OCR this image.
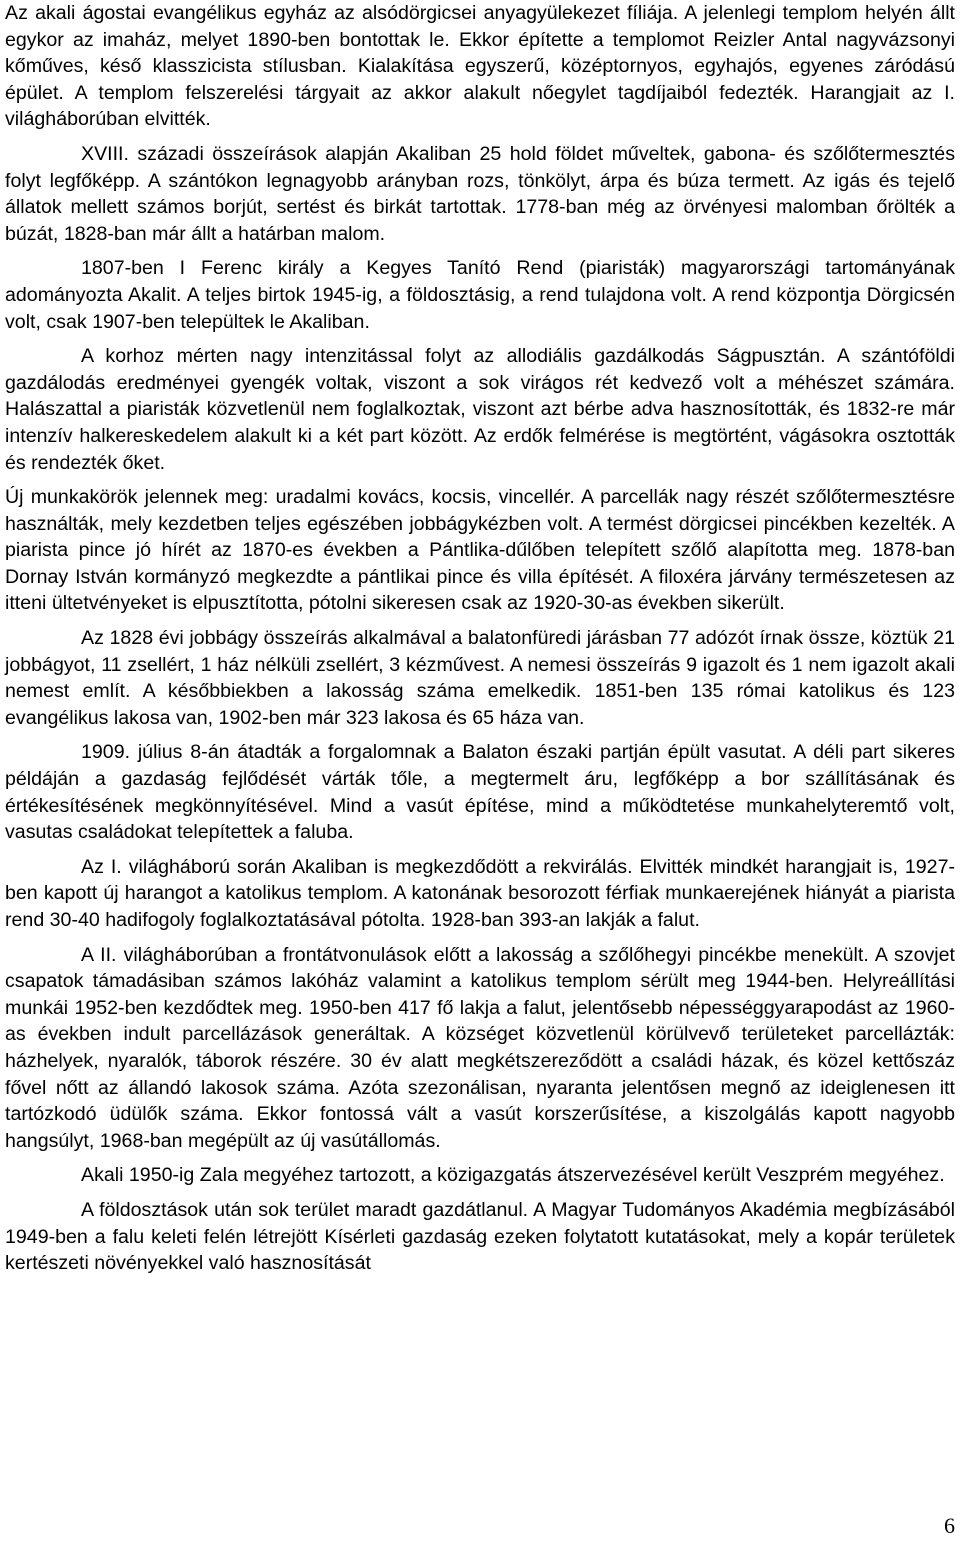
Az akali ágostai evangélikus egyház az alsódörgicsei anyagyülekezet fíliája. A jelenlegi templom helyén állt egykor az imaház, melyet 1890-ben bontottak le. Ekkor építette a templomot Reizler Antal nagyvázsonyi kőműves, késő klasszicista stílusban. Kialakítása egyszerű, középtornyos, egyhajós, egyenes záródású épület. A templom felszerelési tárgyait az akkor alakult nőegylet tagdíjaiból fedezték. Harangjait az I. világháborúban elvitték.

XVIII. századi összeírások alapján Akaliban 25 hold földet műveltek, gabona- és szőlőtermesztés folyt legfőképp. A szántókon legnagyobb arányban rozs, tönkölyt, árpa és búza termett. Az igás és tejelő állatok mellett számos borjút, sertést és birkát tartottak. 1778-ban még az örvényesi malomban őrölték a búzát, 1828-ban már állt a határban malom.

1807-ben I Ferenc király a Kegyes Tanító Rend (piaristák) magyarországi tartományának adományozta Akalit. A teljes birtok 1945-ig, a földosztásig, a rend tulajdona volt. A rend központja Dörgicsén volt, csak 1907-ben települtek le Akaliban.

A korhoz mérten nagy intenzitással folyt az allodiális gazdálkodás Ságpusztán. A szántóföldi gazdálodás eredményei gyengék voltak, viszont a sok virágos rét kedvező volt a méhészet számára. Halászattal a piaristák közvetlenül nem foglalkoztak, viszont azt bérbe adva hasznosították, és 1832-re már intenzív halkereskedelem alakult ki a két part között. Az erdők felmérése is megtörtént, vágásokra osztották és rendezték őket.

Új munkakörök jelennek meg: uradalmi kovács, kocsis, vincellér. A parcellák nagy részét szőlőtermesztésre használták, mely kezdetben teljes egészében jobbágykézben volt. A termést dörgicsei pincékben kezelték. A piarista pince jó hírét az 1870-es években a Pántlika-dűlőben telepített szőlő alapította meg. 1878-ban Dornay István kormányzó megkezdte a pántlikai pince és villa építését. A filoxéra járvány természetesen az itteni ültetvényeket is elpusztította, pótolni sikeresen csak az 1920-30-as években sikerült.

Az 1828 évi jobbágy összeírás alkalmával a balatonfüredi járásban 77 adózót írnak össze, köztük 21 jobbágyot, 11 zsellért, 1 ház nélküli zsellért, 3 kézművest. A nemesi összeírás 9 igazolt és 1 nem igazolt akali nemest említ. A későbbiekben a lakosság száma emelkedik. 1851-ben 135 római katolikus és 123 evangélikus lakosa van, 1902-ben már 323 lakosa és 65 háza van.

1909. július 8-án átadták a forgalomnak a Balaton északi partján épült vasutat. A déli part sikeres példáján a gazdaság fejlődését várták tőle, a megtermelt áru, legfőképp a bor szállításának és értékesítésének megkönnyítésével. Mind a vasút építése, mind a működtetése munkahelyteremtő volt, vasutas családokat telepítettek a faluba.

Az I. világháború során Akaliban is megkezdődött a rekvirálás. Elvitték mindkét harangjait is, 1927-ben kapott új harangot a katolikus templom. A katonának besorozott férfiak munkaerejének hiányát a piarista rend 30-40 hadifogoly foglalkoztatásával pótolta. 1928-ban 393-an lakják a falut.

A II. világháborúban a frontátvonulások előtt a lakosság a szőlőhegyi pincékbe menekült. A szovjet csapatok támadásiban számos lakóház valamint a katolikus templom sérült meg 1944-ben. Helyreállítási munkái 1952-ben kezdődtek meg. 1950-ben 417 fő lakja a falut, jelentősebb népességgyarapodást az 1960-as években indult parcellázások generáltak. A községet közvetlenül körülvevő területeket parcellázták: házhelyek, nyaralók, táborok részére. 30 év alatt megkétszereződött a családi házak, és közel kettőszáz fővel nőtt az állandó lakosok száma. Azóta szezonálisan, nyaranta jelentősen megnő az ideiglenesen itt tartózkodó üdülők száma. Ekkor fontossá vált a vasút korszerűsítése, a kiszolgálás kapott nagyobb hangsúlyt, 1968-ban megépült az új vasútállomás.

Akali 1950-ig Zala megyéhez tartozott, a közigazgatás átszervezésével került Veszprém megyéhez.

A földosztások után sok terület maradt gazdátlanul. A Magyar Tudományos Akadémia megbízásából 1949-ben a falu keleti felén létrejött Kísérleti gazdaság ezeken folytatott kutatásokat, mely a kopár területek kertészeti növényekkel való hasznosítását

6
